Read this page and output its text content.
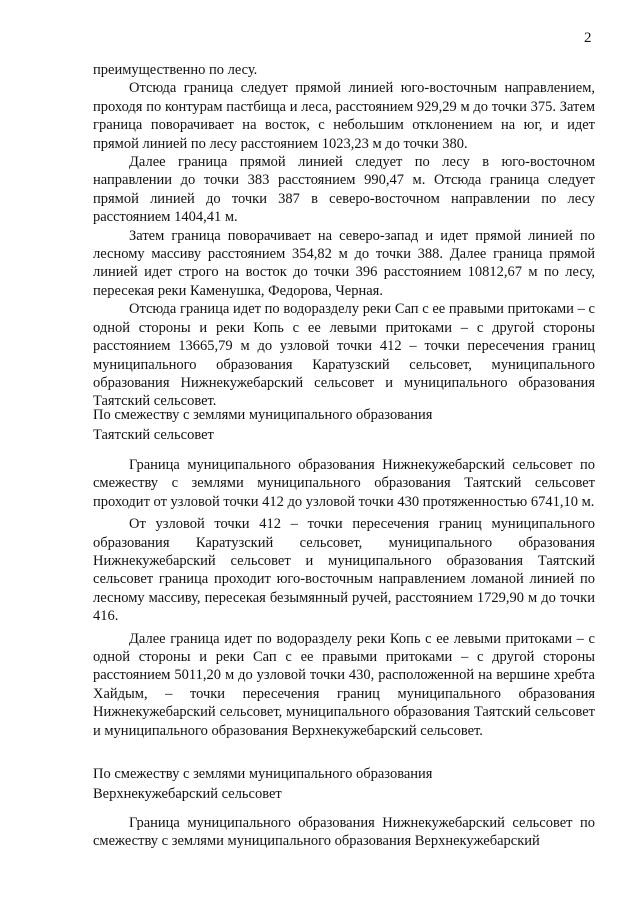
2

преимущественно по лесу.

Отсюда граница следует прямой линией юго-восточным направлением, проходя по контурам пастбища и леса, расстоянием 929,29 м до точки 375. Затем граница поворачивает на восток, с небольшим отклонением на юг, и идет прямой линией по лесу расстоянием 1023,23 м до точки 380.

Далее граница прямой линией следует по лесу в юго-восточном направлении до точки 383 расстоянием 990,47 м. Отсюда граница следует прямой линией до точки 387 в северо-восточном направлении по лесу расстоянием 1404,41 м.

Затем граница поворачивает на северо-запад и идет прямой линией по лесному массиву расстоянием 354,82 м до точки 388. Далее граница прямой линией идет строго на восток до точки 396 расстоянием 10812,67 м по лесу, пересекая реки Каменушка, Федорова, Черная.

Отсюда граница идет по водоразделу реки Сап с ее правыми притоками – с одной стороны и реки Копь с ее левыми притоками – с другой стороны расстоянием 13665,79 м до узловой точки 412 – точки пересечения границ муниципального образования Каратузский сельсовет, муниципального образования Нижнекужебарский сельсовет и муниципального образования Таятский сельсовет.

По смежеству с землями муниципального образования
Таятский сельсовет

Граница муниципального образования Нижнекужебарский сельсовет по смежеству с землями муниципального образования Таятский сельсовет проходит от узловой точки 412 до узловой точки 430 протяженностью 6741,10 м.

От узловой точки 412 – точки пересечения границ муниципального образования Каратузский сельсовет, муниципального образования Нижнекужебарский сельсовет и муниципального образования Таятский сельсовет граница проходит юго-восточным направлением ломаной линией по лесному массиву, пересекая безымянный ручей, расстоянием 1729,90 м до точки 416.

Далее граница идет по водоразделу реки Копь с ее левыми притоками – с одной стороны и реки Сап с ее правыми притоками – с другой стороны расстоянием 5011,20 м до узловой точки 430, расположенной на вершине хребта Хайдым, – точки пересечения границ муниципального образования Нижнекужебарский сельсовет, муниципального образования Таятский сельсовет и муниципального образования Верхнекужебарский сельсовет.

По смежеству с землями муниципального образования
Верхнекужебарский сельсовет

Граница муниципального образования Нижнекужебарский сельсовет по смежеству с землями муниципального образования Верхнекужебарский
